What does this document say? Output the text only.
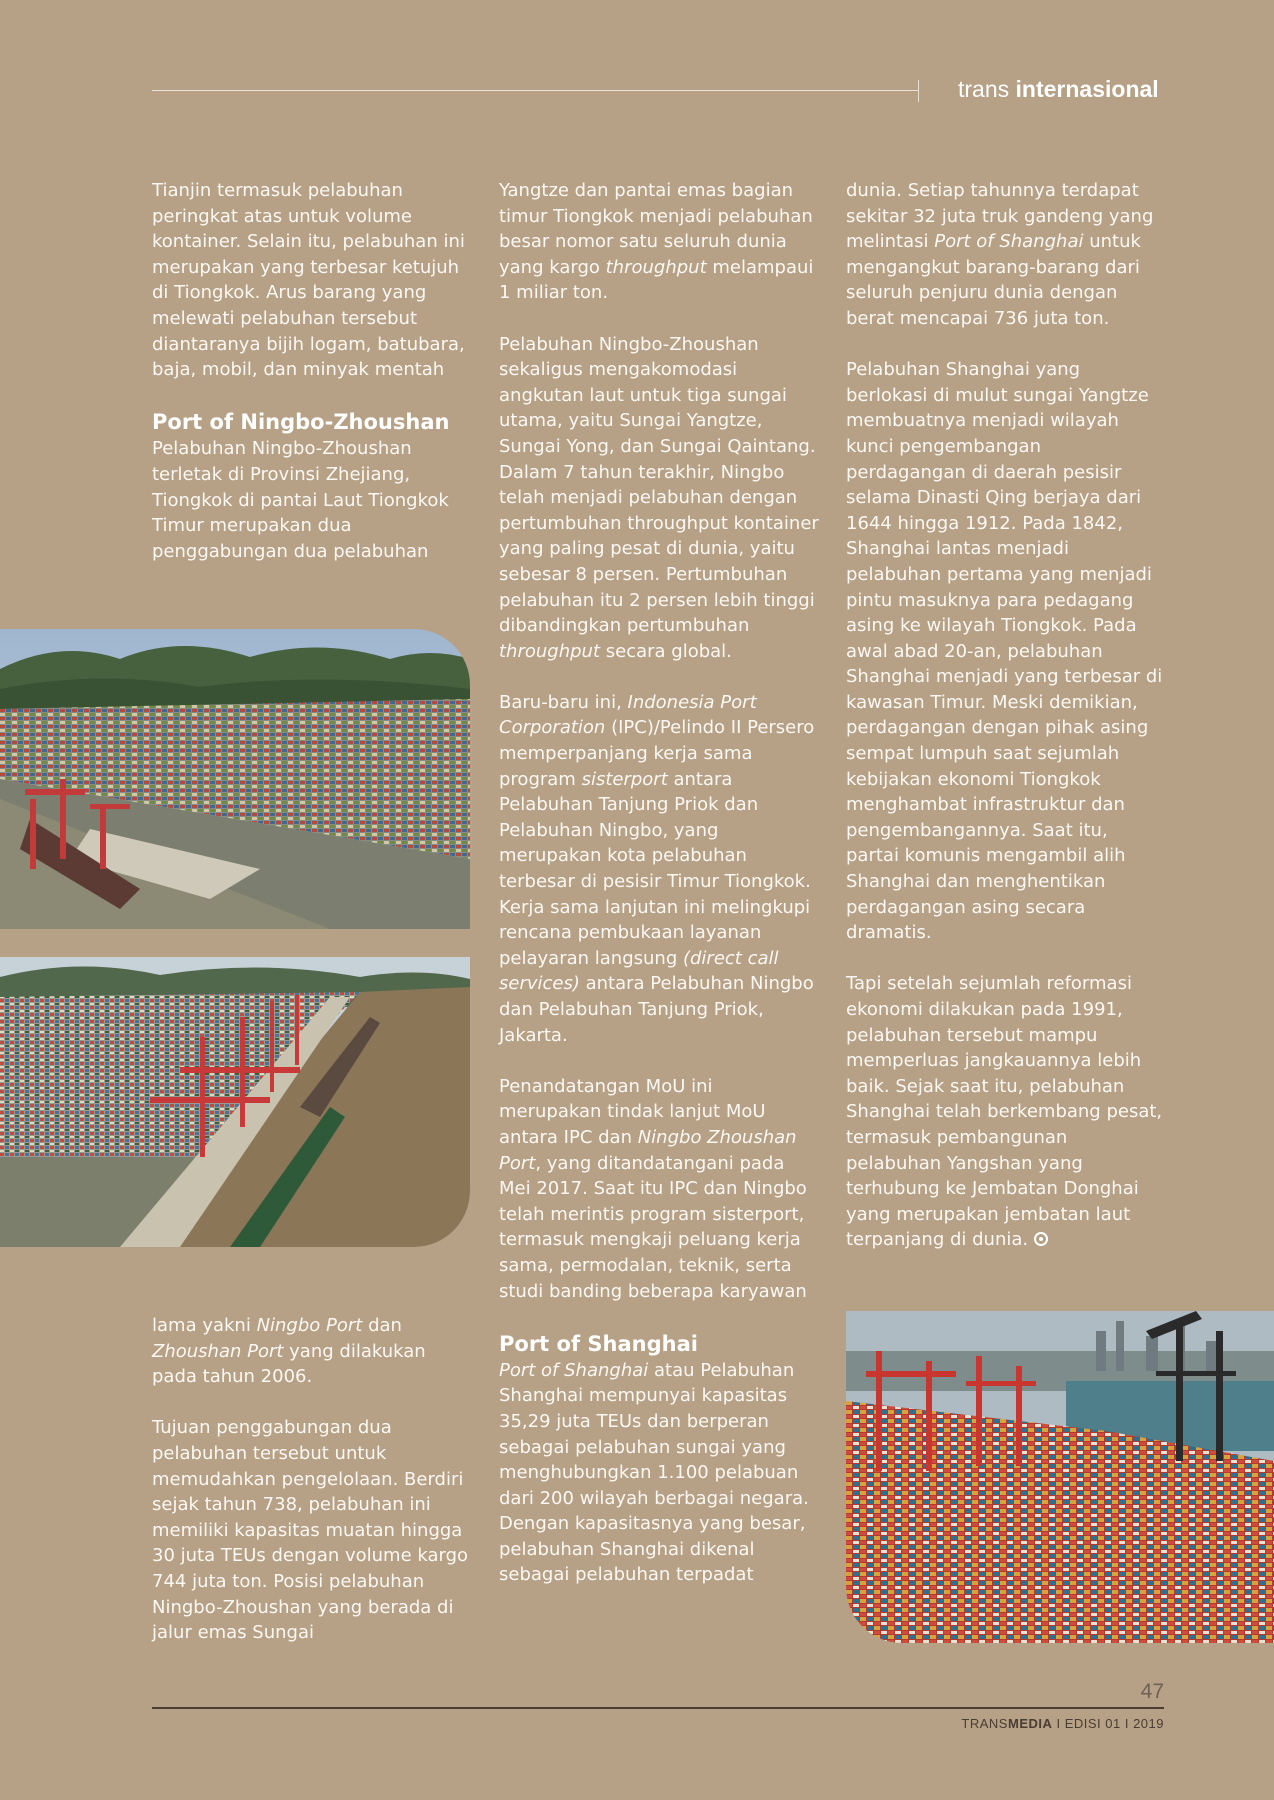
trans internasional

Tianjin termasuk pelabuhan peringkat atas untuk volume kontainer. Selain itu, pelabuhan ini merupakan yang terbesar ketujuh di Tiongkok. Arus barang yang melewati pelabuhan tersebut diantaranya bijih logam, batubara, baja, mobil, dan minyak mentah

Port of Ningbo-Zhoushan

Pelabuhan Ningbo-Zhoushan terletak di Provinsi Zhejiang, Tiongkok di pantai Laut Tiongkok Timur merupakan dua penggabungan dua pelabuhan

lama yakni Ningbo Port dan Zhoushan Port yang dilakukan pada tahun 2006.

Tujuan penggabungan dua pelabuhan tersebut untuk memudahkan pengelolaan. Berdiri sejak tahun 738, pelabuhan ini memiliki kapasitas muatan hingga 30 juta TEUs dengan volume kargo 744 juta ton. Posisi pelabuhan Ningbo-Zhoushan yang berada di jalur emas Sungai

Yangtze dan pantai emas bagian timur Tiongkok menjadi pelabuhan besar nomor satu seluruh dunia yang kargo throughput melampaui 1 miliar ton.

Pelabuhan Ningbo-Zhoushan sekaligus mengakomodasi angkutan laut untuk tiga sungai utama, yaitu Sungai Yangtze, Sungai Yong, dan Sungai Qaintang. Dalam 7 tahun terakhir, Ningbo telah menjadi pelabuhan dengan pertumbuhan throughput kontainer yang paling pesat di dunia, yaitu sebesar 8 persen. Pertumbuhan pelabuhan itu 2 persen lebih tinggi dibandingkan pertumbuhan throughput secara global.

Baru-baru ini, Indonesia Port Corporation (IPC)/Pelindo II Persero memperpanjang kerja sama program sisterport antara Pelabuhan Tanjung Priok dan Pelabuhan Ningbo, yang merupakan kota pelabuhan terbesar di pesisir Timur Tiongkok. Kerja sama lanjutan ini melingkupi rencana pembukaan layanan pelayaran langsung (direct call services) antara Pelabuhan Ningbo dan Pelabuhan Tanjung Priok, Jakarta.

Penandatangan MoU ini merupakan tindak lanjut MoU antara IPC dan Ningbo Zhoushan Port, yang ditandatangani pada Mei 2017. Saat itu IPC dan Ningbo telah merintis program sisterport, termasuk mengkaji peluang kerja sama, permodalan, teknik, serta studi banding beberapa karyawan

Port of Shanghai

Port of Shanghai atau Pelabuhan Shanghai mempunyai kapasitas 35,29 juta TEUs dan berperan sebagai pelabuhan sungai yang menghubungkan 1.100 pelabuan dari 200 wilayah berbagai negara. Dengan kapasitasnya yang besar, pelabuhan Shanghai dikenal sebagai pelabuhan terpadat

dunia. Setiap tahunnya terdapat sekitar 32 juta truk gandeng yang melintasi Port of Shanghai untuk mengangkut barang-barang dari seluruh penjuru dunia dengan berat mencapai 736 juta ton.

Pelabuhan Shanghai yang berlokasi di mulut sungai Yangtze membuatnya menjadi wilayah kunci pengembangan perdagangan di daerah pesisir selama Dinasti Qing berjaya dari 1644 hingga 1912. Pada 1842, Shanghai lantas menjadi pelabuhan pertama yang menjadi pintu masuknya para pedagang asing ke wilayah Tiongkok. Pada awal abad 20-an, pelabuhan Shanghai menjadi yang terbesar di kawasan Timur. Meski demikian, perdagangan dengan pihak asing sempat lumpuh saat sejumlah kebijakan ekonomi Tiongkok menghambat infrastruktur dan pengembangannya. Saat itu, partai komunis mengambil alih Shanghai dan menghentikan perdagangan asing secara dramatis.

Tapi setelah sejumlah reformasi ekonomi dilakukan pada 1991, pelabuhan tersebut mampu memperluas jangkauannya lebih baik. Sejak saat itu, pelabuhan Shanghai telah berkembang pesat, termasuk pembangunan pelabuhan Yangshan yang terhubung ke Jembatan Donghai yang merupakan jembatan laut terpanjang di dunia.

47
TRANSMEDIA I EDISI 01 I 2019
